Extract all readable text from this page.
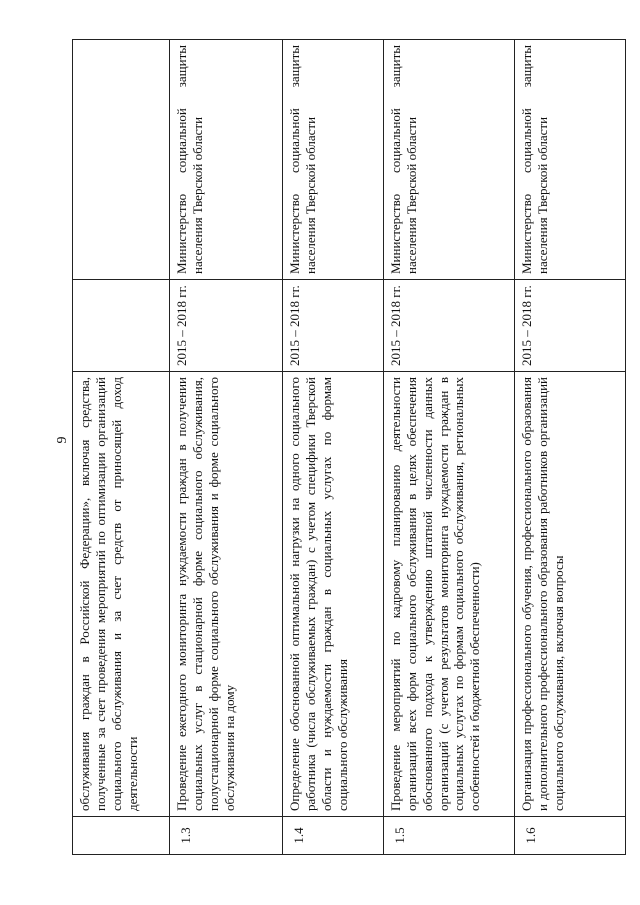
9
	обслуживания граждан в Российской Федерации», включая средства, полученные за счет проведения мероприятий по оптимизации организаций социального обслуживания и за счет средств от приносящей доход деятельности		
1.3	Проведение ежегодного мониторинга нуждаемости граждан в получении социальных услуг в стационарной форме социального обслуживания, полустационарной форме социального обслуживания и форме социального обслуживания на дому	2015 – 2018 гг.	Министерство социальной защиты населения Тверской области
1.4	Определение обоснованной оптимальной нагрузки на одного социального работника (числа обслуживаемых граждан) с учетом специфики Тверской области и нуждаемости граждан в социальных услугах по формам социального обслуживания	2015 – 2018 гг.	Министерство социальной защиты населения Тверской области
1.5	Проведение мероприятий по кадровому планированию деятельности организаций всех форм социального обслуживания в целях обеспечения обоснованного подхода к утверждению штатной численности данных организаций (с учетом результатов мониторинга нуждаемости граждан в социальных услугах по формам социального обслуживания, региональных особенностей и бюджетной обеспеченности)	2015 – 2018 гг.	Министерство социальной защиты населения Тверской области
1.6	Организация профессионального обучения, профессионального образования и дополнительного профессионального образования работников организаций социального обслуживания, включая вопросы	2015 – 2018 гг.	Министерство социальной защиты населения Тверской области
